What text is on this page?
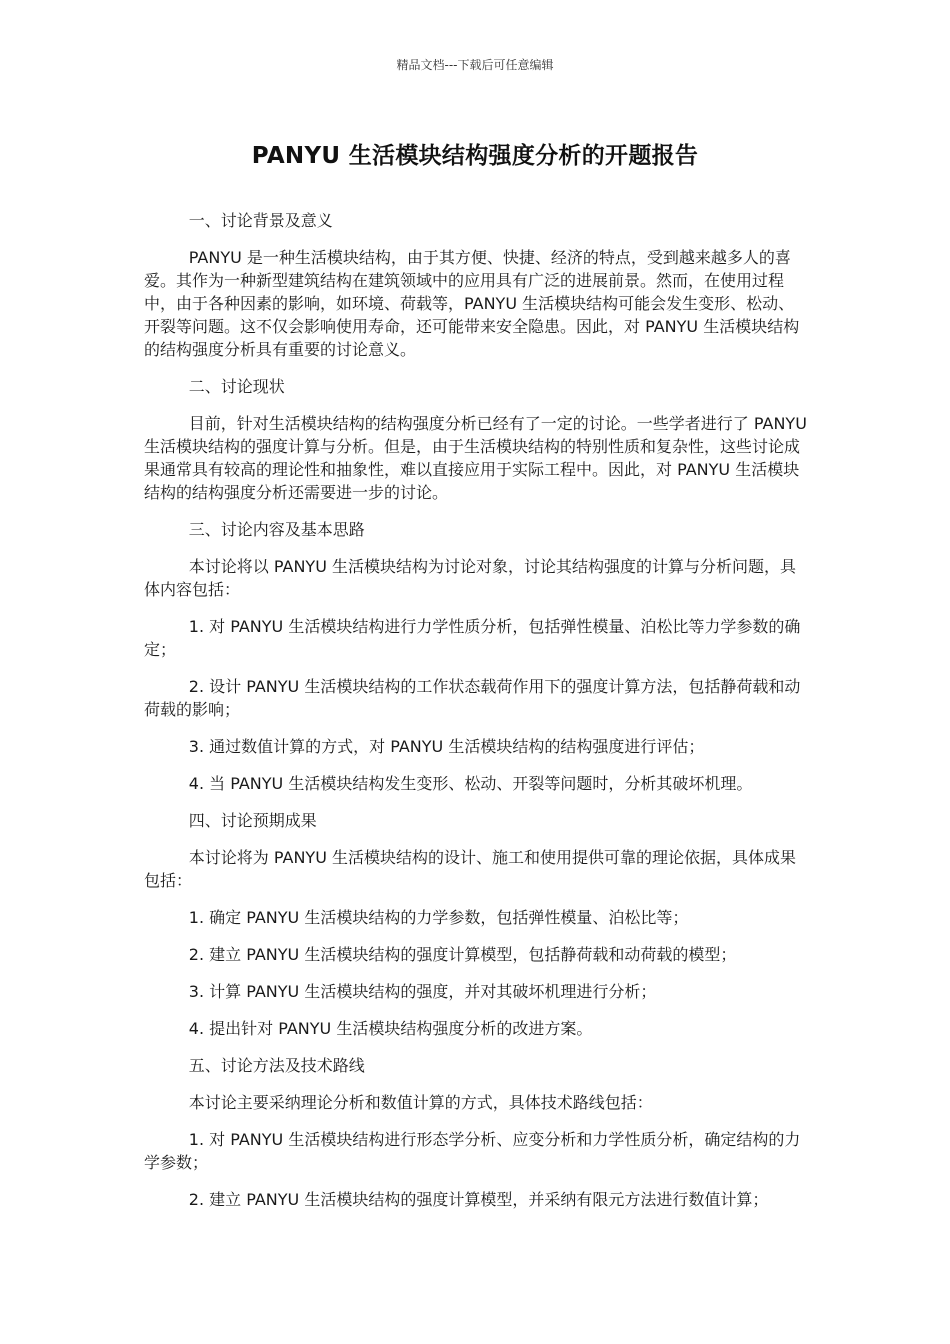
精品文档---下载后可任意编辑
PANYU 生活模块结构强度分析的开题报告

一、讨论背景及意义

PANYU 是一种生活模块结构，由于其方便、快捷、经济的特点，受到越来越多人的喜爱。其作为一种新型建筑结构在建筑领域中的应用具有广泛的进展前景。然而，在使用过程中，由于各种因素的影响，如环境、荷载等，PANYU 生活模块结构可能会发生变形、松动、开裂等问题。这不仅会影响使用寿命，还可能带来安全隐患。因此，对 PANYU 生活模块结构的结构强度分析具有重要的讨论意义。

二、讨论现状

目前，针对生活模块结构的结构强度分析已经有了一定的讨论。一些学者进行了 PANYU 生活模块结构的强度计算与分析。但是，由于生活模块结构的特别性质和复杂性，这些讨论成果通常具有较高的理论性和抽象性，难以直接应用于实际工程中。因此，对 PANYU 生活模块结构的结构强度分析还需要进一步的讨论。

三、讨论内容及基本思路

本讨论将以 PANYU 生活模块结构为讨论对象，讨论其结构强度的计算与分析问题，具体内容包括：

1. 对 PANYU 生活模块结构进行力学性质分析，包括弹性模量、泊松比等力学参数的确定；

2. 设计 PANYU 生活模块结构的工作状态载荷作用下的强度计算方法，包括静荷载和动荷载的影响；

3. 通过数值计算的方式，对 PANYU 生活模块结构的结构强度进行评估；

4. 当 PANYU 生活模块结构发生变形、松动、开裂等问题时，分析其破坏机理。

四、讨论预期成果

本讨论将为 PANYU 生活模块结构的设计、施工和使用提供可靠的理论依据，具体成果包括：

1. 确定 PANYU 生活模块结构的力学参数，包括弹性模量、泊松比等；

2. 建立 PANYU 生活模块结构的强度计算模型，包括静荷载和动荷载的模型；

3. 计算 PANYU 生活模块结构的强度，并对其破坏机理进行分析；

4. 提出针对 PANYU 生活模块结构强度分析的改进方案。

五、讨论方法及技术路线

本讨论主要采纳理论分析和数值计算的方式，具体技术路线包括：

1. 对 PANYU 生活模块结构进行形态学分析、应变分析和力学性质分析，确定结构的力学参数；

2. 建立 PANYU 生活模块结构的强度计算模型，并采纳有限元方法进行数值计算；
